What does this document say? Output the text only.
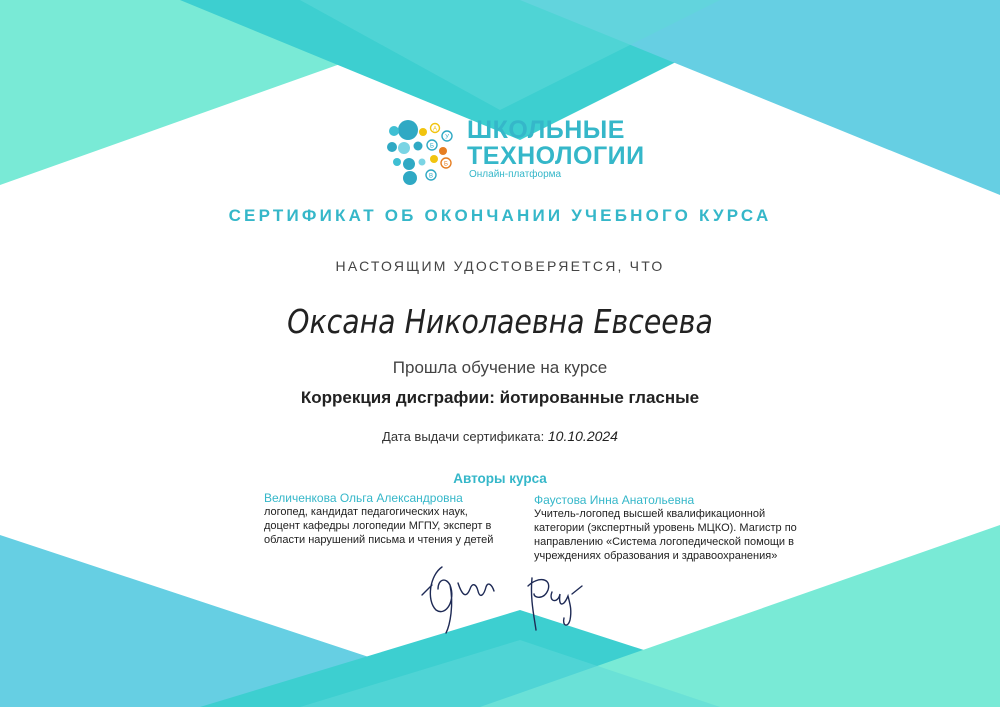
А
У
Б
Б
В
ШКОЛЬНЫЕ
ТЕХНОЛОГИИ
Онлайн-платформа
СЕРТИФИКАТ ОБ ОКОНЧАНИИ УЧЕБНОГО КУРСА
НАСТОЯЩИМ УДОСТОВЕРЯЕТСЯ, ЧТО
Оксана Николаевна Евсеева
Прошла обучение на курсе
Коррекция дисграфии: йотированные гласные
Дата выдачи сертификата: 10.10.2024
Авторы курса
Величенкова Ольга Александровна
логопед, кандидат педагогических наук,
доцент кафедры логопедии МГПУ, эксперт в
области нарушений письма и чтения у детей
Фаустова Инна Анатольевна
Учитель-логопед высшей квалификационной
категории (экспертный уровень МЦКО). Магистр по
направлению «Система логопедической помощи в
учреждениях образования и здравоохранения»
